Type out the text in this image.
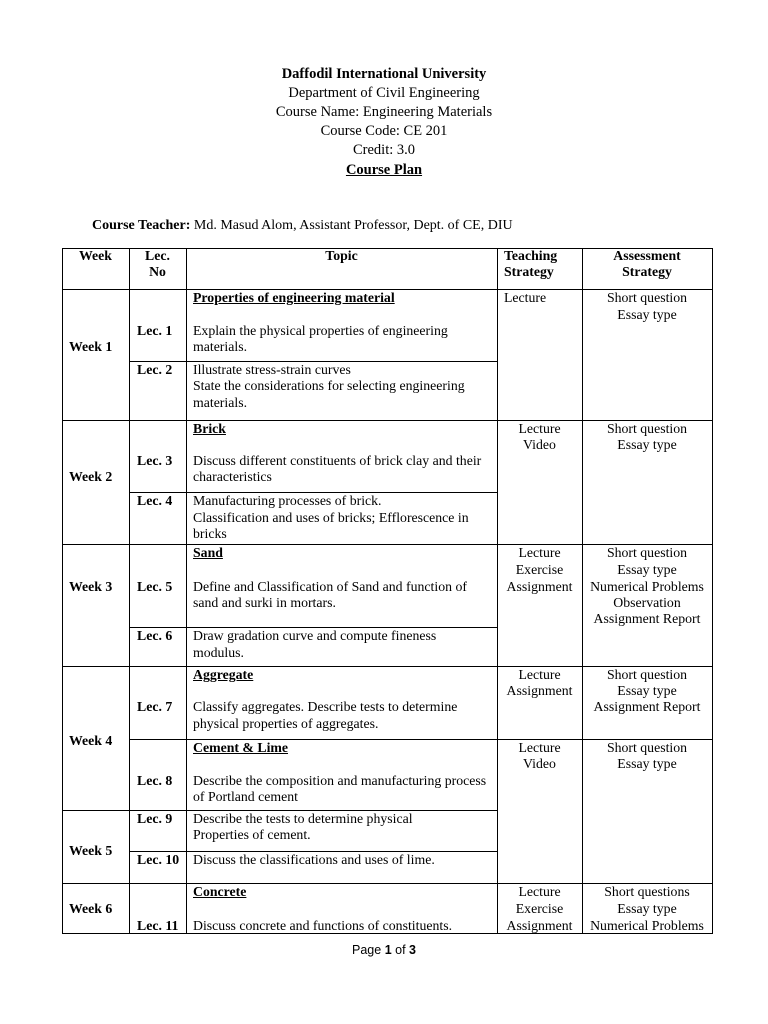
Daffodil International University
Department of Civil Engineering
Course Name: Engineering Materials
Course Code: CE 201
Credit: 3.0
Course Plan
Course Teacher: Md. Masud Alom, Assistant Professor, Dept. of CE, DIU
Week	Lec.
No
Topic	Teaching
Strategy
Assessment
Strategy
Week 1
Week 2
Week 3
Week 4
Week 5
Week 6
Lec. 1
Lec. 2
Lec. 3
Lec. 4
Lec. 5
Lec. 6
Lec. 7
Lec. 8
Lec. 9
Lec. 10
Lec. 11
Properties of engineering material
Brick
Sand
Aggregate
Cement & Lime
Concrete
Explain the physical properties of engineering
materials.
Illustrate stress-strain curves
State the considerations for selecting engineering
materials.
Discuss different constituents of brick clay and their
characteristics
Manufacturing processes of brick.
Classification and uses of bricks; Efflorescence in
bricks
Define and Classification of Sand and function of
sand and surki in mortars.
Draw gradation curve and compute fineness
modulus.
Classify aggregates. Describe tests to determine
physical properties of aggregates.
Describe the composition and manufacturing process
of Portland cement
Describe the tests to determine physical
Properties of cement.
Discuss the classifications and uses of lime.
Discuss concrete and functions of constituents.
Lecture
Lecture
Video
Lecture
Exercise
Assignment
Lecture
Assignment
Lecture
Video
Lecture
Exercise
Assignment
Short question
Essay type
Short question
Essay type
Short question
Essay type
Numerical Problems
Observation
Assignment Report
Short question
Essay type
Assignment Report
Short question
Essay type
Short questions
Essay type
Numerical Problems
Page 1 of 3
